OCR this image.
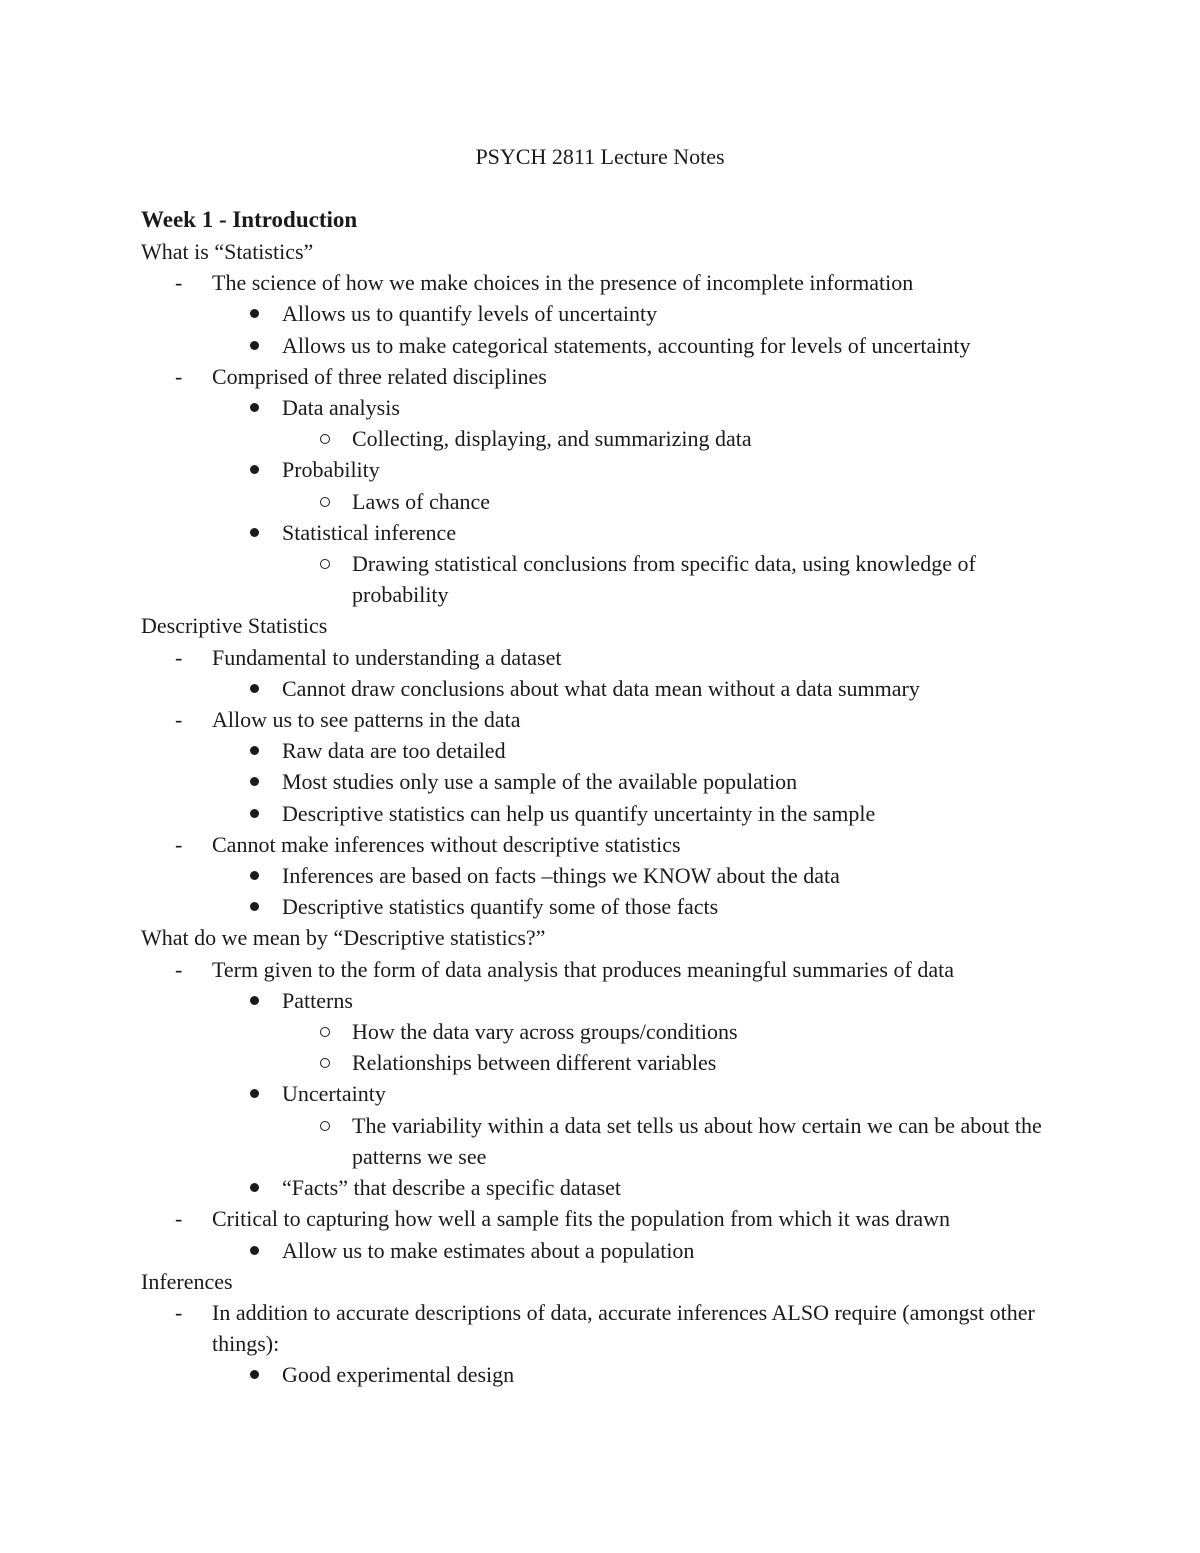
PSYCH 2811 Lecture Notes
Week 1 - Introduction
What is “Statistics”
-
The science of how we make choices in the presence of incomplete information
Allows us to quantify levels of uncertainty
Allows us to make categorical statements, accounting for levels of uncertainty
-
Comprised of three related disciplines
Data analysis
Collecting, displaying, and summarizing data
Probability
Laws of chance
Statistical inference
Drawing statistical conclusions from specific data, using knowledge of probability
Descriptive Statistics
-
Fundamental to understanding a dataset
Cannot draw conclusions about what data mean without a data summary
-
Allow us to see patterns in the data
Raw data are too detailed
Most studies only use a sample of the available population
Descriptive statistics can help us quantify uncertainty in the sample
-
Cannot make inferences without descriptive statistics
Inferences are based on facts –things we KNOW about the data
Descriptive statistics quantify some of those facts
What do we mean by “Descriptive statistics?”
-
Term given to the form of data analysis that produces meaningful summaries of data
Patterns
How the data vary across groups/conditions
Relationships between different variables
Uncertainty
The variability within a data set tells us about how certain we can be about the patterns we see
“Facts” that describe a specific dataset
-
Critical to capturing how well a sample fits the population from which it was drawn
Allow us to make estimates about a population
Inferences
-
In addition to accurate descriptions of data, accurate inferences ALSO require (amongst other things):
Good experimental design
